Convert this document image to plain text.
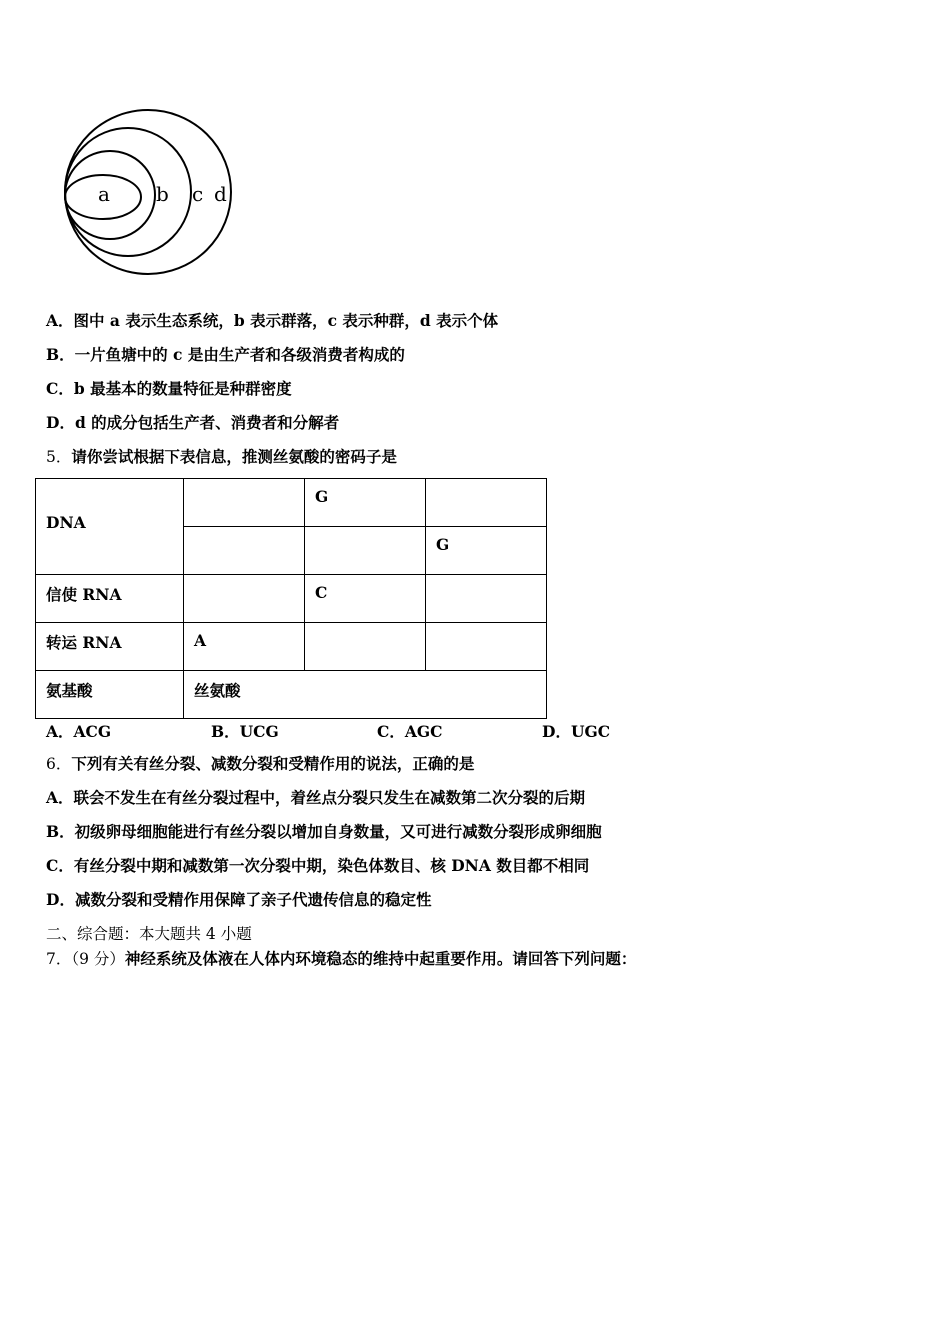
a b c d
A．图中 a 表示生态系统，b 表示群落，c 表示种群，d 表示个体
B．一片鱼塘中的 c 是由生产者和各级消费者构成的
C．b 最基本的数量特征是种群密度
D．d 的成分包括生产者、消费者和分解者
5．请你尝试根据下表信息，推测丝氨酸的密码子是
DNA		G	
			G
信使 RNA		C	
转运 RNA	A		
氨基酸	丝氨酸		
A．ACG	B．UCG	C．AGC	D．UGC
6．下列有关有丝分裂、减数分裂和受精作用的说法，正确的是
A．联会不发生在有丝分裂过程中，着丝点分裂只发生在减数第二次分裂的后期
B．初级卵母细胞能进行有丝分裂以增加自身数量，又可进行减数分裂形成卵细胞
C．有丝分裂中期和减数第一次分裂中期，染色体数目、核 DNA 数目都不相同
D．减数分裂和受精作用保障了亲子代遗传信息的稳定性
二、综合题：本大题共 4 小题
7．（9 分）神经系统及体液在人体内环境稳态的维持中起重要作用。请回答下列问题：
